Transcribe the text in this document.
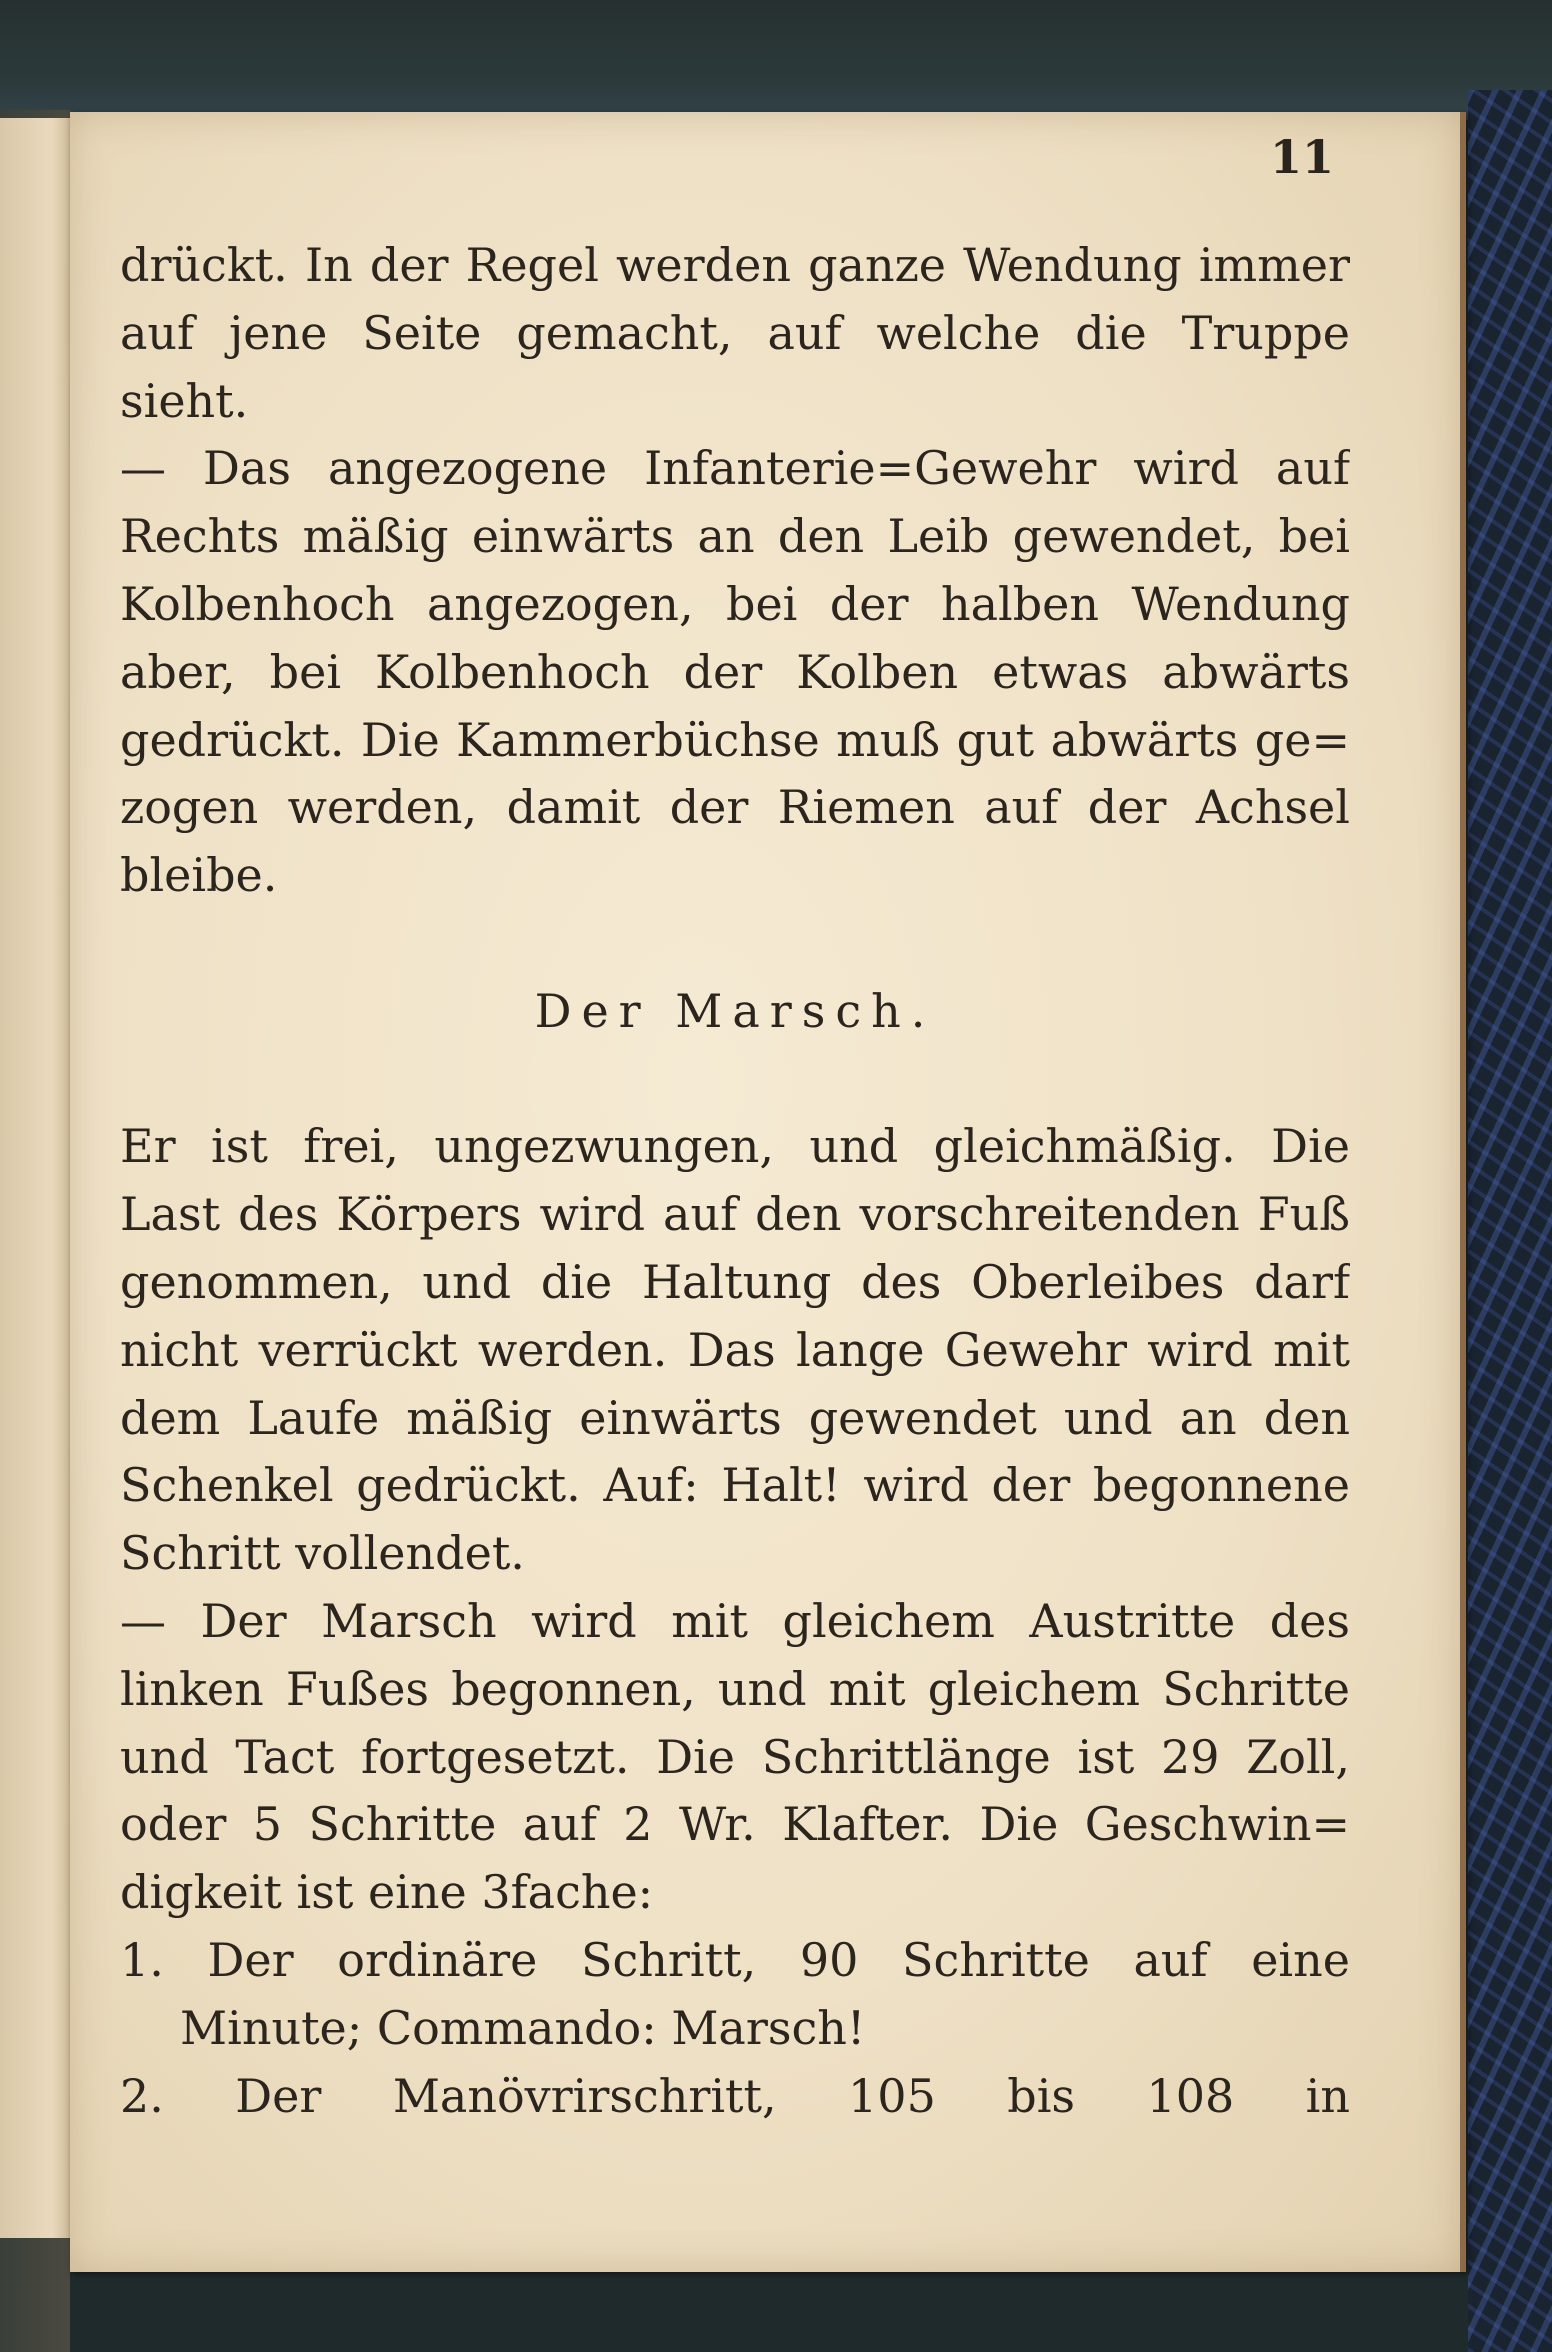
11
drückt. In der Regel werden ganze Wendung immer
auf jene Seite gemacht, auf welche die Truppe
sieht.
— Das angezogene Infanterie=Gewehr wird auf
Rechts mäßig einwärts an den Leib gewendet, bei
Kolbenhoch angezogen, bei der halben Wendung
aber, bei Kolbenhoch der Kolben etwas abwärts
gedrückt. Die Kammerbüchse muß gut abwärts ge=
zogen werden, damit der Riemen auf der Achsel
bleibe.
Der Marsch.
Er ist frei, ungezwungen, und gleichmäßig. Die
Last des Körpers wird auf den vorschreitenden Fuß
genommen, und die Haltung des Oberleibes darf
nicht verrückt werden. Das lange Gewehr wird mit
dem Laufe mäßig einwärts gewendet und an den
Schenkel gedrückt. Auf: Halt! wird der begonnene
Schritt vollendet.
— Der Marsch wird mit gleichem Austritte des
linken Fußes begonnen, und mit gleichem Schritte
und Tact fortgesetzt. Die Schrittlänge ist 29 Zoll,
oder 5 Schritte auf 2 Wr. Klafter. Die Geschwin=
digkeit ist eine 3fache:
1. Der ordinäre Schritt, 90 Schritte auf eine
Minute; Commando: Marsch!
2. Der Manövrirschritt, 105 bis 108 in
